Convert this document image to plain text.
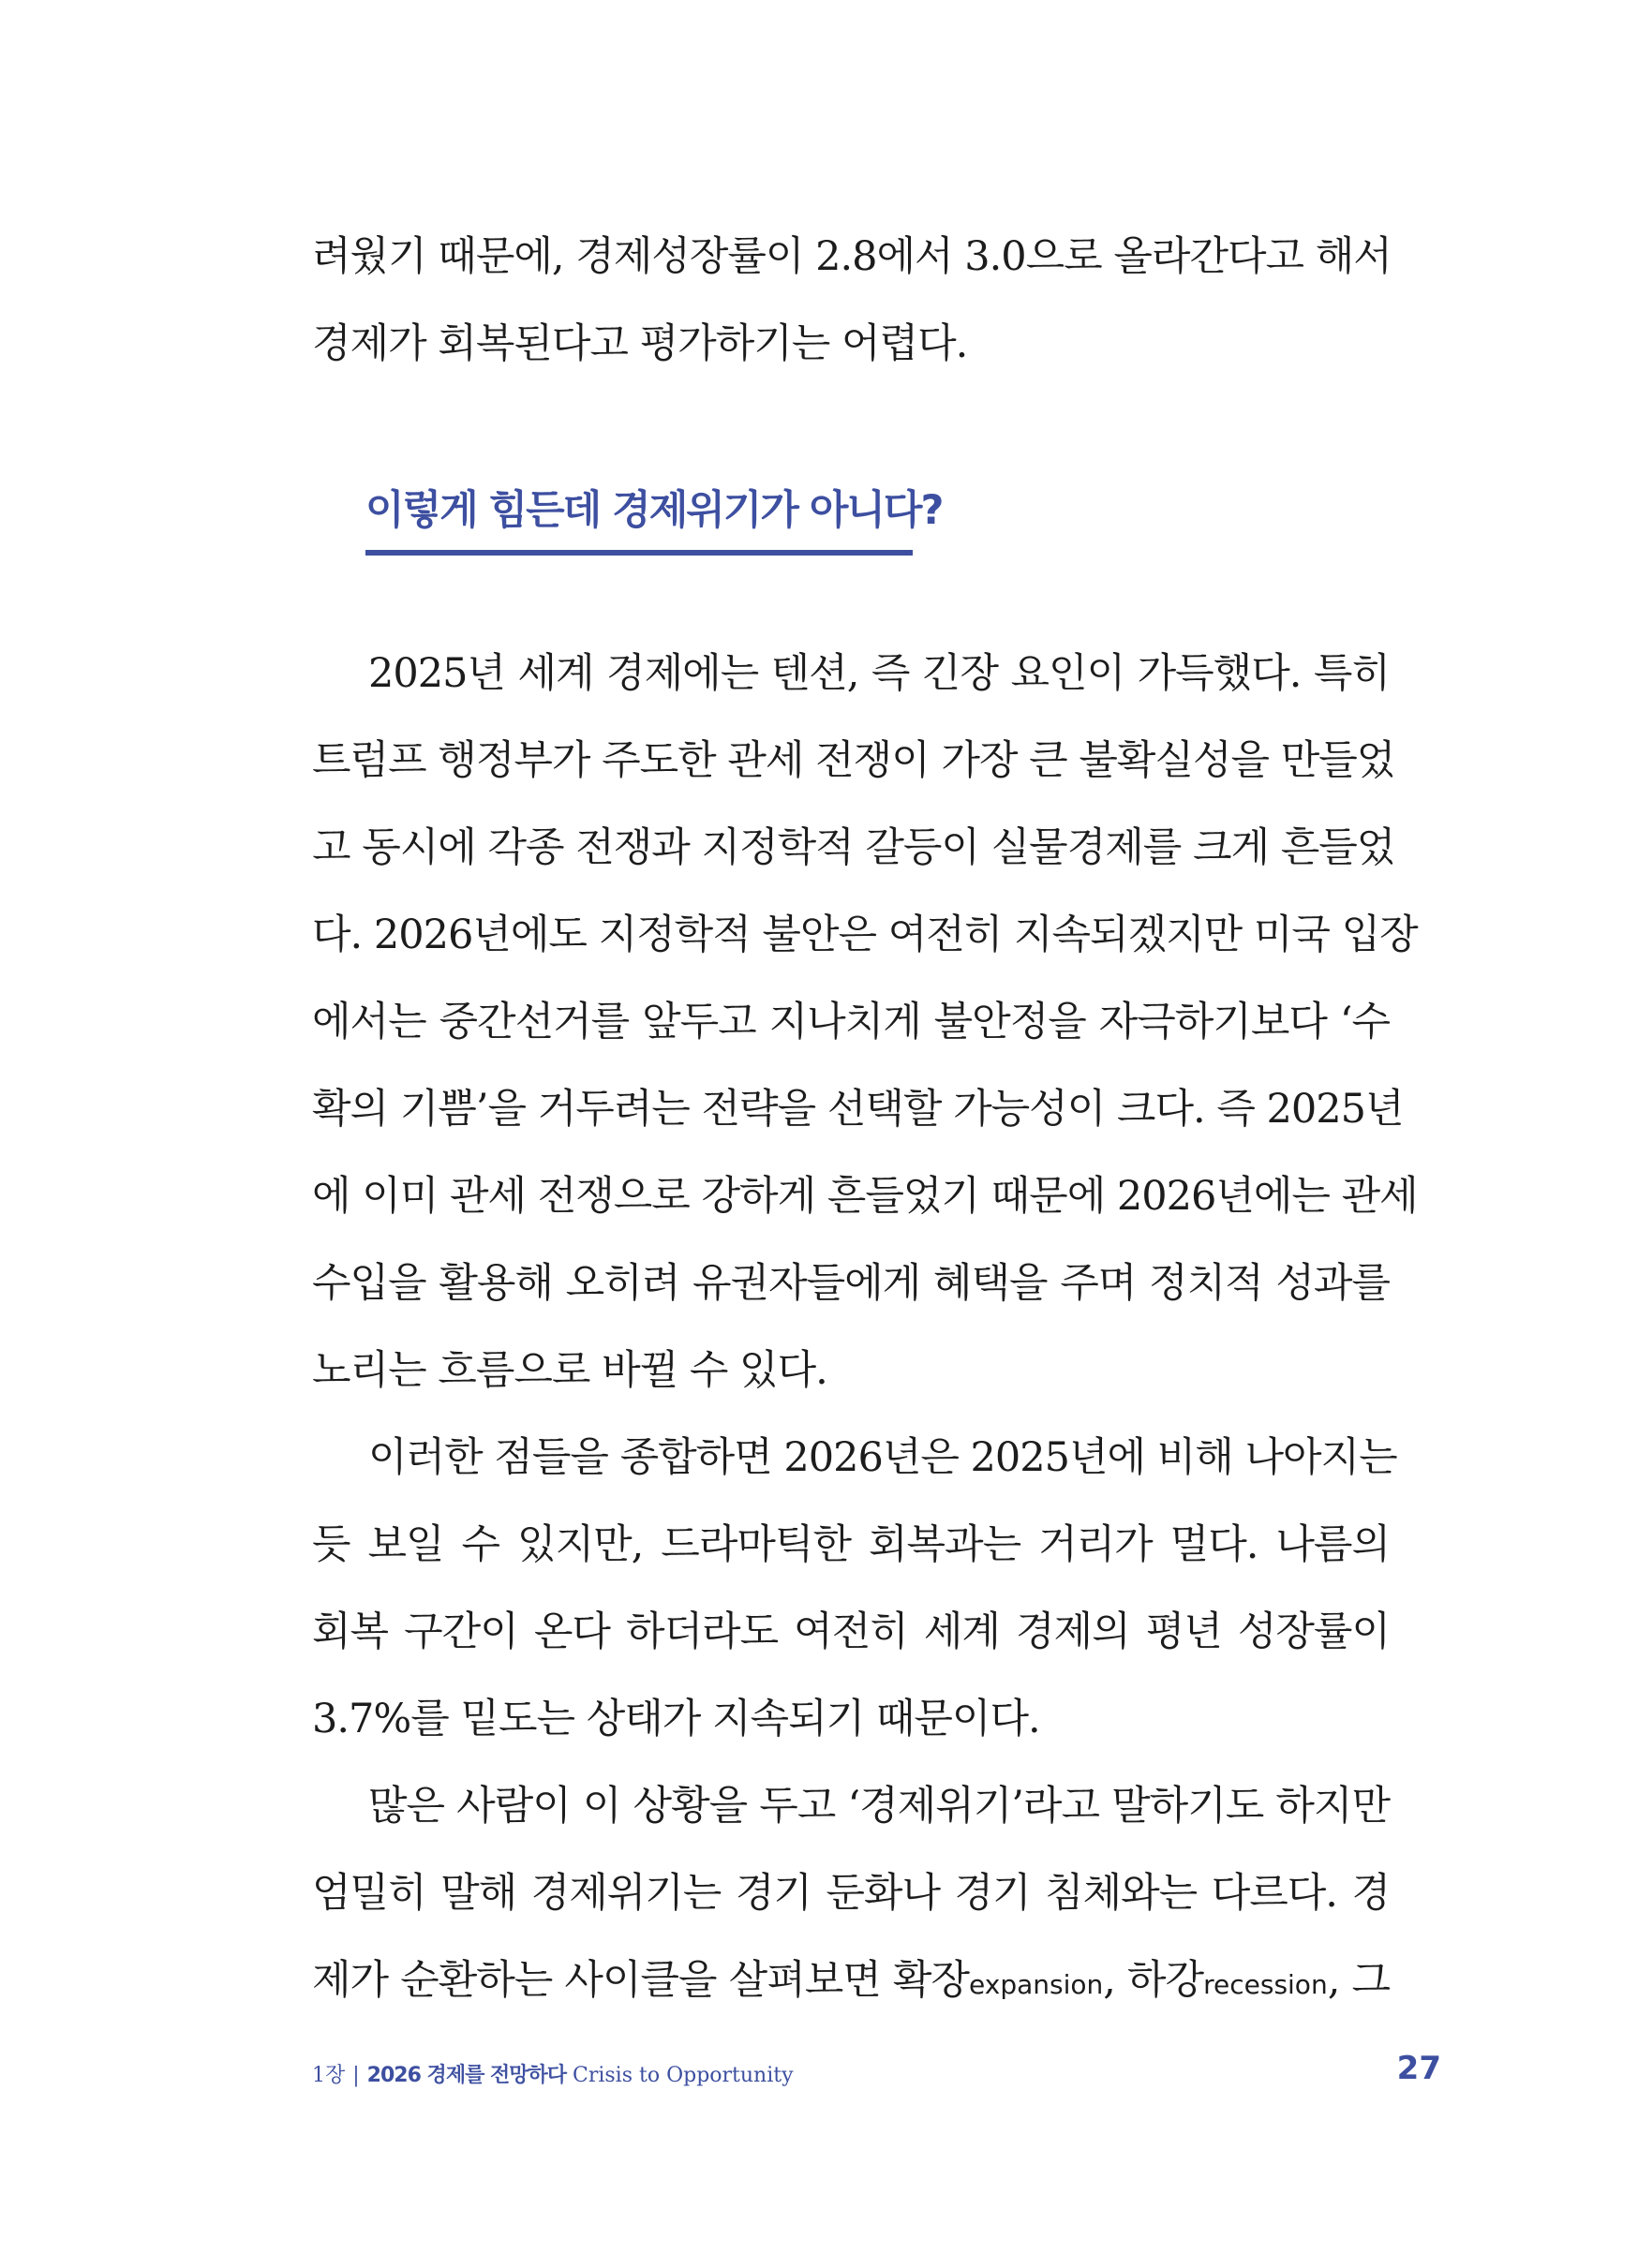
려웠기 때문에, 경제성장률이 2.8에서 3.0으로 올라간다고 해서
경제가 회복된다고 평가하기는 어렵다.
이렇게 힘든데 경제위기가 아니다?
2025년 세계 경제에는 텐션, 즉 긴장 요인이 가득했다. 특히
트럼프 행정부가 주도한 관세 전쟁이 가장 큰 불확실성을 만들었
고 동시에 각종 전쟁과 지정학적 갈등이 실물경제를 크게 흔들었
다. 2026년에도 지정학적 불안은 여전히 지속되겠지만 미국 입장
에서는 중간선거를 앞두고 지나치게 불안정을 자극하기보다 ‘수
확의 기쁨’을 거두려는 전략을 선택할 가능성이 크다. 즉 2025년
에 이미 관세 전쟁으로 강하게 흔들었기 때문에 2026년에는 관세
수입을 활용해 오히려 유권자들에게 혜택을 주며 정치적 성과를
노리는 흐름으로 바뀔 수 있다.
이러한 점들을 종합하면 2026년은 2025년에 비해 나아지는
듯 보일 수 있지만, 드라마틱한 회복과는 거리가 멀다. 나름의
회복 구간이 온다 하더라도 여전히 세계 경제의 평년 성장률이
3.7%를 밑도는 상태가 지속되기 때문이다.
많은 사람이 이 상황을 두고 ‘경제위기’라고 말하기도 하지만
엄밀히 말해 경제위기는 경기 둔화나 경기 침체와는 다르다. 경
제가 순환하는 사이클을 살펴보면 확장expansion, 하강recession, 그
1장 | 2026 경제를 전망하다 Crisis to Opportunity	27
